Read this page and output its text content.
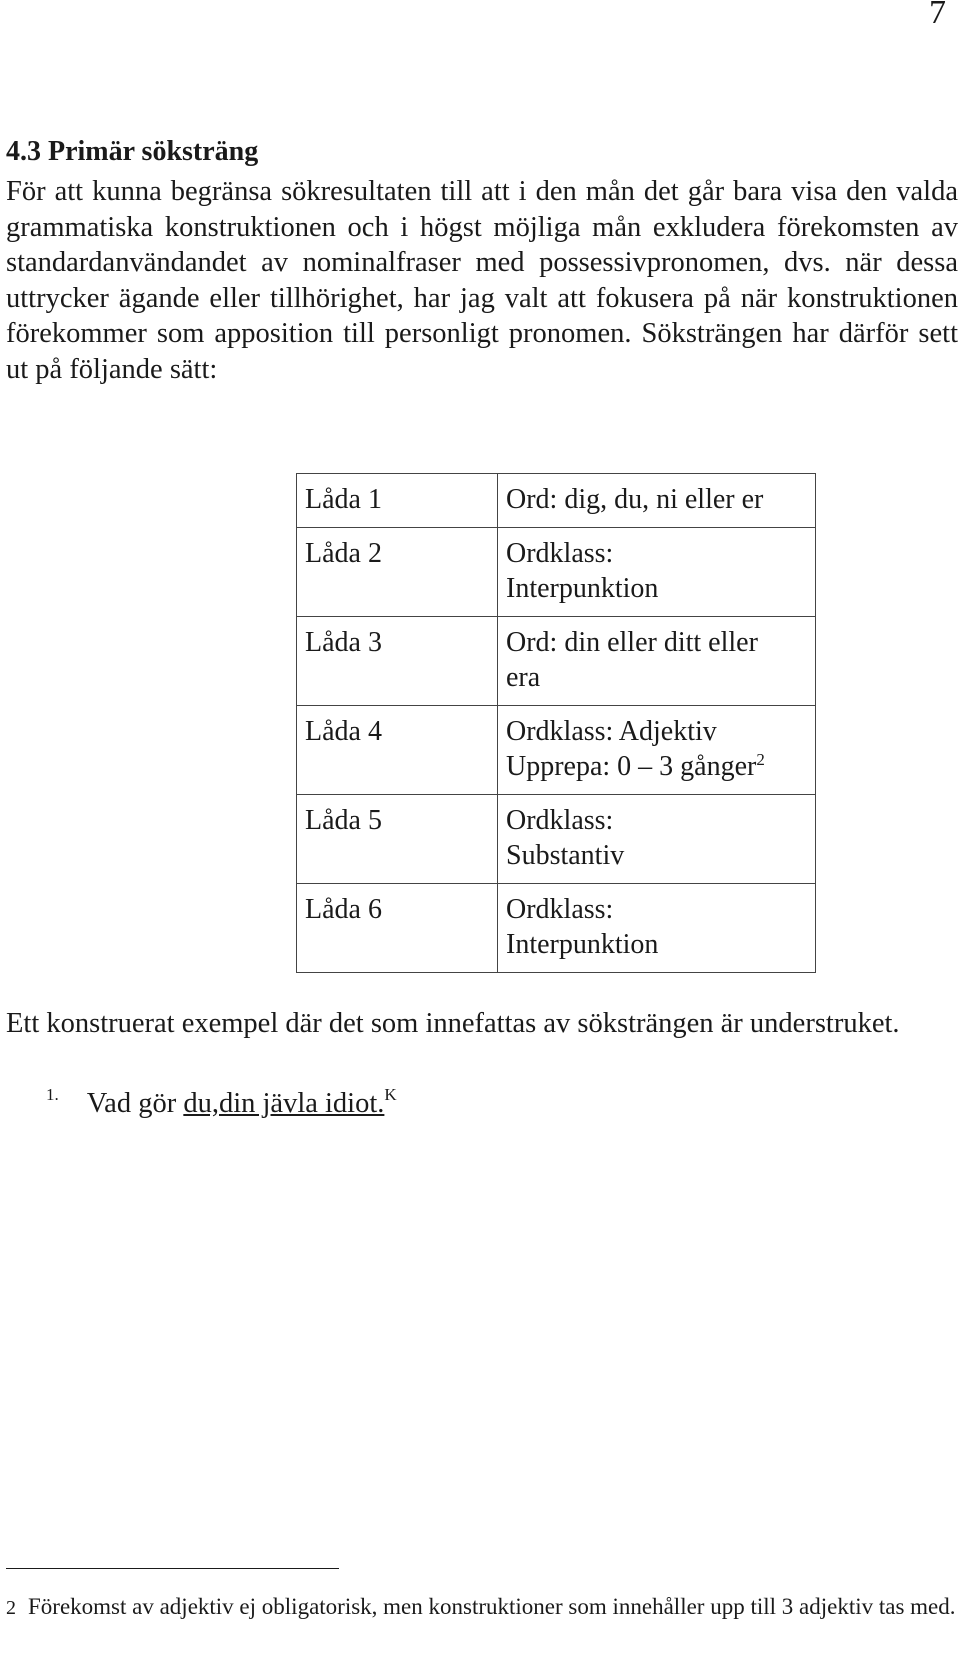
7
4.3 Primär söksträng

För att kunna begränsa sökresultaten till att i den mån det går bara visa den valda grammatiska konstruktionen och i högst möjliga mån exkludera förekomsten av standardanvändandet av nominalfraser med possessivpronomen, dvs. när dessa uttrycker ägande eller tillhörighet, har jag valt att fokusera på när konstruktionen förekommer som apposition till personligt pronomen. Söksträngen har därför sett ut på följande sätt:

Låda 1	Ord: dig, du, ni eller er
Låda 2	Ordklass:
Interpunktion
Låda 3	Ord: din eller ditt eller
era
Låda 4	Ordklass: Adjektiv
Upprepa: 0 – 3 gånger$^2$
Låda 5	Ordklass:
Substantiv
Låda 6	Ordklass:
Interpunktion

Ett konstruerat exempel där det som innefattas av söksträngen är understruket.

$^{1.}$ Vad gör du,din jävla idiot.$^K$

2 Förekomst av adjektiv ej obligatorisk, men konstruktioner som innehåller upp till 3 adjektiv tas med.
